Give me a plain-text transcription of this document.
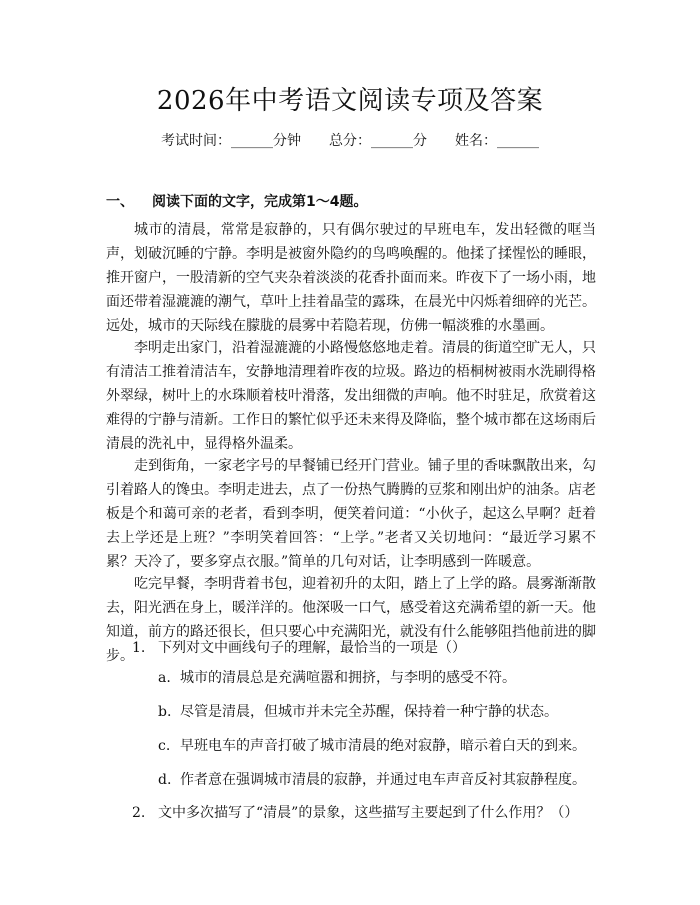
2026年中考语文阅读专项及答案
考试时间：______分钟 总分：______分 姓名：______
一、 阅读下面的文字，完成第1～4题。

城市的清晨，常常是寂静的，只有偶尔驶过的早班电车，发出轻微的哐当声，划破沉睡的宁静。李明是被窗外隐约的鸟鸣唤醒的。他揉了揉惺忪的睡眼，推开窗户，一股清新的空气夹杂着淡淡的花香扑面而来。昨夜下了一场小雨，地面还带着湿漉漉的潮气，草叶上挂着晶莹的露珠，在晨光中闪烁着细碎的光芒。远处，城市的天际线在朦胧的晨雾中若隐若现，仿佛一幅淡雅的水墨画。

李明走出家门，沿着湿漉漉的小路慢悠悠地走着。清晨的街道空旷无人，只有清洁工推着清洁车，安静地清理着昨夜的垃圾。路边的梧桐树被雨水洗刷得格外翠绿，树叶上的水珠顺着枝叶滑落，发出细微的声响。他不时驻足，欣赏着这难得的宁静与清新。工作日的繁忙似乎还未来得及降临，整个城市都在这场雨后清晨的洗礼中，显得格外温柔。

走到街角，一家老字号的早餐铺已经开门营业。铺子里的香味飘散出来，勾引着路人的馋虫。李明走进去，点了一份热气腾腾的豆浆和刚出炉的油条。店老板是个和蔼可亲的老者，看到李明，便笑着问道：“小伙子，起这么早啊？赶着去上学还是上班？”李明笑着回答：“上学。”老者又关切地问：“最近学习累不累？天冷了，要多穿点衣服。”简单的几句对话，让李明感到一阵暖意。

吃完早餐，李明背着书包，迎着初升的太阳，踏上了上学的路。晨雾渐渐散去，阳光洒在身上，暖洋洋的。他深吸一口气，感受着这充满希望的新一天。他知道，前方的路还很长，但只要心中充满阳光，就没有什么能够阻挡他前进的脚步。

1. 下列对文中画线句子的理解，最恰当的一项是（）
a. 城市的清晨总是充满喧嚣和拥挤，与李明的感受不符。
b. 尽管是清晨，但城市并未完全苏醒，保持着一种宁静的状态。
c. 早班电车的声音打破了城市清晨的绝对寂静，暗示着白天的到来。
d. 作者意在强调城市清晨的寂静，并通过电车声音反衬其寂静程度。
2. 文中多次描写了“清晨”的景象，这些描写主要起到了什么作用？（）
